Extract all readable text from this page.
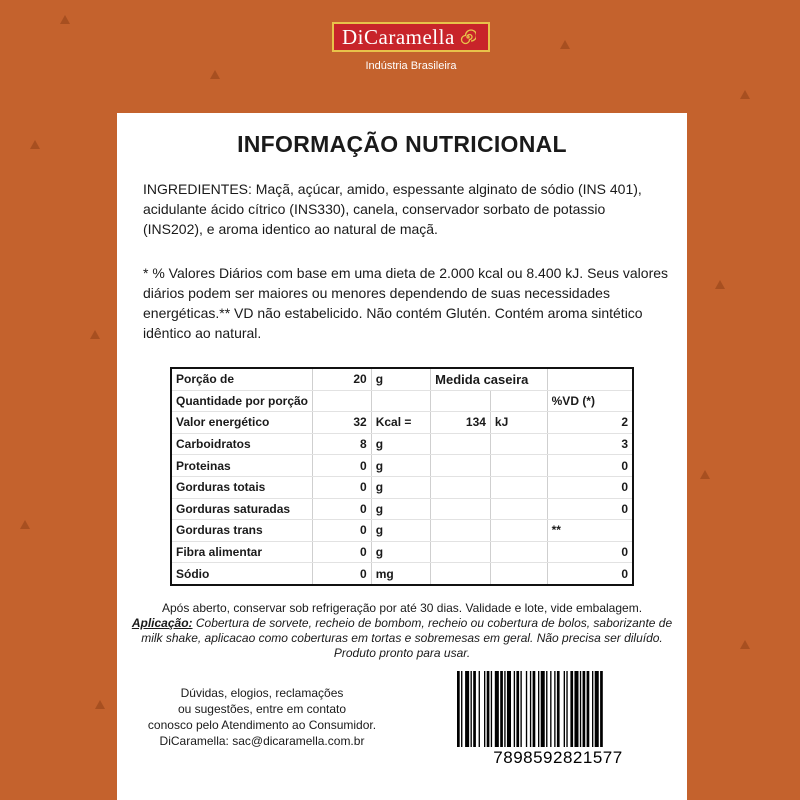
DiCaramella
Indústria Brasileira
INFORMAÇÃO NUTRICIONAL
INGREDIENTES: Maçã, açúcar, amido, espessante alginato de sódio (INS 401), acidulante ácido cítrico (INS330), canela, conservador sorbato de potassio (INS202), e aroma identico ao natural de maçã.
* % Valores Diários com base em uma dieta de 2.000 kcal ou 8.400 kJ. Seus valores diários podem ser maiores ou menores dependendo de suas necessidades energéticas.** VD não estabelicido. Não contém Glutén. Contém aroma sintético idêntico ao natural.
Porção de	20	g	Medida caseira		
Quantidade por porção					%VD (*)
Valor energético	32	Kcal =	134	kJ	2
Carboidratos	8	g			3
Proteinas	0	g			0
Gorduras totais	0	g			0
Gorduras saturadas	0	g			0
Gorduras trans	0	g			**
Fibra alimentar	0	g			0
Sódio	0	mg			0
Após aberto, conservar sob refrigeração por até 30 dias. Validade e lote, vide embalagem.
Aplicação: Cobertura de sorvete, recheio de bombom, recheio ou cobertura de bolos, saborizante de milk shake, aplicacao como coberturas em tortas e sobremesas em geral. Não precisa ser diluído. Produto pronto para usar.
Dúvidas, elogios, reclamações
ou sugestões, entre em contato
conosco pelo Atendimento ao Consumidor.
DiCaramella: sac@dicaramella.com.br
7898592821577
